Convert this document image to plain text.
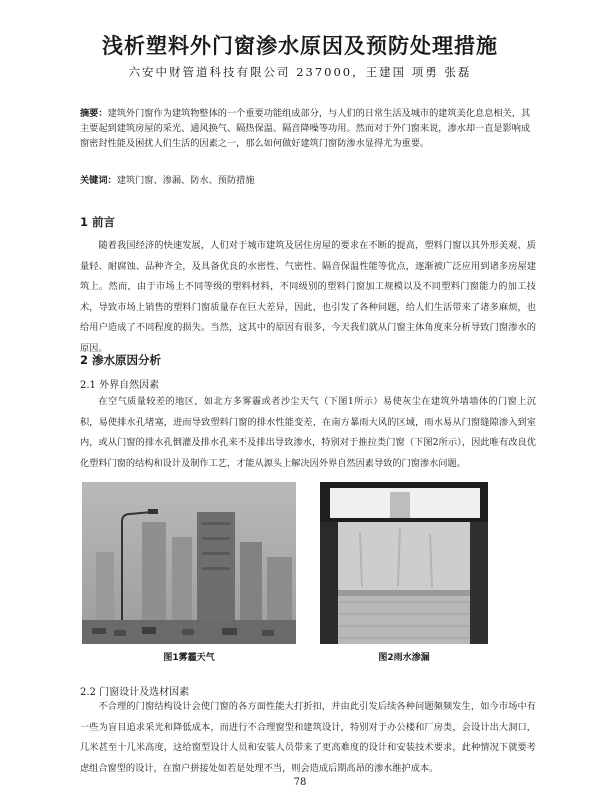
浅析塑料外门窗渗水原因及预防处理措施
六安中财管道科技有限公司 237000，王建国 项勇 张磊
摘要：建筑外门窗作为建筑物整体的一个重要功能组成部分，与人们的日常生活及城市的建筑美化息息相关，其主要起到建筑房屋的采光、通风换气、隔热保温、隔音降噪等功用。然而对于外门窗来说，渗水却一直是影响成窗密封性能及困扰人们生活的因素之一，那么如何做好建筑门窗防渗水显得尤为重要。
关键词：建筑门窗、渗漏、防水、预防措施
1 前言
随着我国经济的快速发展，人们对于城市建筑及居住房屋的要求在不断的提高，塑料门窗以其外形美观、质量轻、耐腐蚀、品种齐全，及具备优良的水密性、气密性、隔音保温性能等优点，逐渐被广泛应用到诸多房屋建筑上。然而，由于市场上不同等级的塑料材料，不同级别的塑料门窗加工规模以及不同塑料门窗能力的加工技术，导致市场上销售的塑料门窗质量存在巨大差异，因此，也引发了各种问题，给人们生活带来了诸多麻烦，也给用户造成了不同程度的损失。当然，这其中的原因有很多，今天我们就从门窗主体角度来分析导致门窗渗水的原因。
2 渗水原因分析
2.1 外界自然因素
在空气质量较差的地区，如北方多雾霾或者沙尘天气（下图1所示）易使灰尘在建筑外墙墙体的门窗上沉积，易使排水孔堵塞，进而导致塑料门窗的排水性能变差，在南方暴雨大风的区域，雨水易从门窗缝隙渗入到室内，或从门窗的排水孔倒灌及排水孔来不及排出导致渗水，特别对于推拉类门窗（下图2所示），因此唯有改良优化塑料门窗的结构和设计及制作工艺，才能从源头上解决因外界自然因素导致的门窗渗水问题。
图1雾霾天气	图2雨水渗漏
2.2 门窗设计及选材因素
不合理的门窗结构设计会使门窗的各方面性能大打折扣，并由此引发后续各种问题频频发生，如今市场中有一些为盲目追求采光和降低成本，而进行不合理窗型和建筑设计，特别对于办公楼和厂房类，会设计出大洞口，几米甚至十几米高度，这给窗型设计人员和安装人员带来了更高难度的设计和安装技术要求，此种情况下就要考虑组合窗型的设计，在窗户拼接处如若是处理不当，则会造成后期高昂的渗水维护成本。
78
